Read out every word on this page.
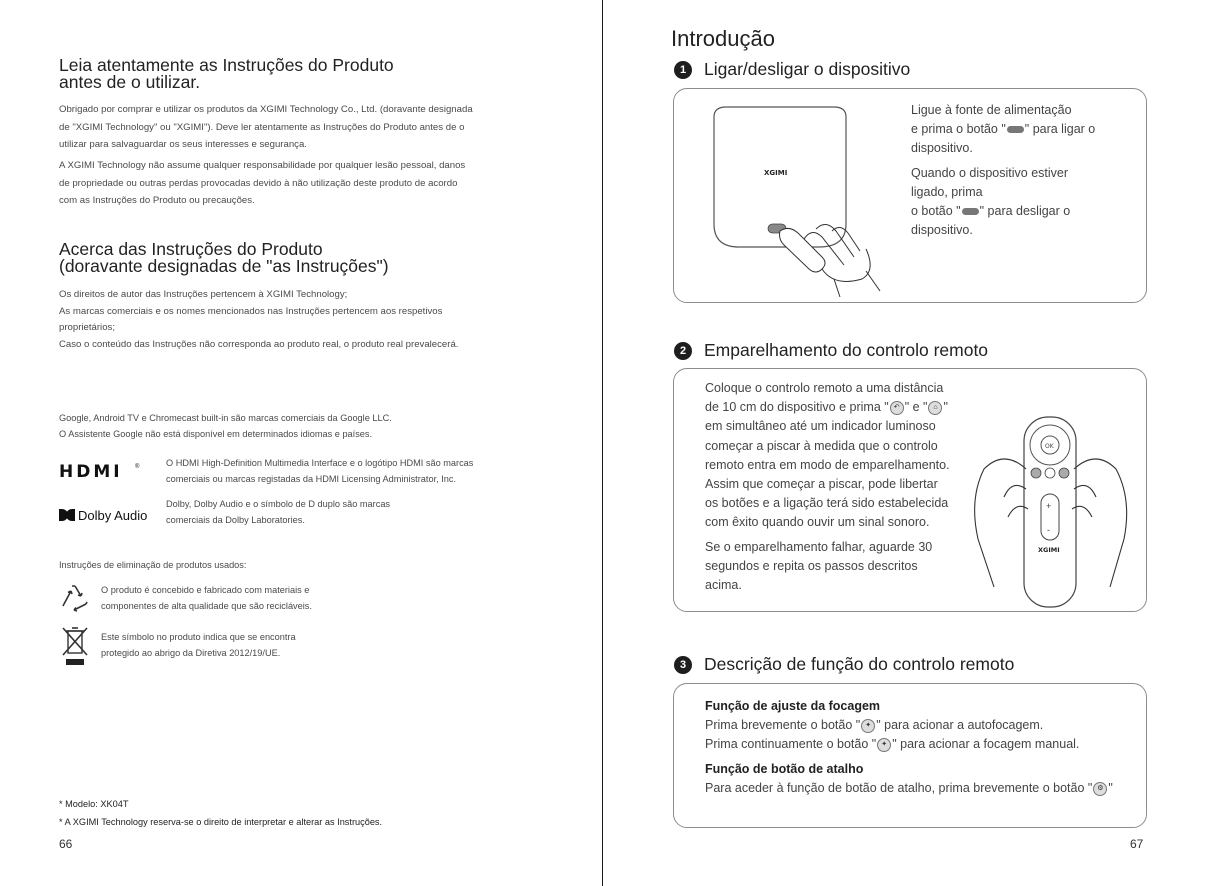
Leia atentamente as Instruções do Produto
antes de o utilizar.
Obrigado por comprar e utilizar os produtos da XGIMI Technology Co., Ltd. (doravante designada
de "XGIMI Technology" ou "XGIMI"). Deve ler atentamente as Instruções do Produto antes de o
utilizar para salvaguardar os seus interesses e segurança.
A XGIMI Technology não assume qualquer responsabilidade por qualquer lesão pessoal, danos
de propriedade ou outras perdas provocadas devido à não utilização deste produto de acordo
com as Instruções do Produto ou precauções.
Acerca das Instruções do Produto
(doravante designadas de "as Instruções")
Os direitos de autor das Instruções pertencem à XGIMI Technology;
As marcas comerciais e os nomes mencionados nas Instruções pertencem aos respetivos
proprietários;
Caso o conteúdo das Instruções não corresponda ao produto real, o produto real prevalecerá.
Google, Android TV e Chromecast built-in são marcas comerciais da Google LLC.
O Assistente Google não está disponível em determinados idiomas e países.
HDMI ®	O HDMI High-Definition Multimedia Interface e o logótipo HDMI são marcas
comerciais ou marcas registadas da HDMI Licensing Administrator, Inc.
Dolby Audio
Dolby, Dolby Audio e o símbolo de D duplo são marcas
comerciais da Dolby Laboratories.
Instruções de eliminação de produtos usados:
O produto é concebido e fabricado com materiais e
componentes de alta qualidade que são recicláveis.
Este símbolo no produto indica que se encontra
protegido ao abrigo da Diretiva 2012/19/UE.
* Modelo: XK04T
* A XGIMI Technology reserva-se o direito de interpretar e alterar as Instruções.
66
Introdução
1	Ligar/desligar o dispositivo
XGIMI
Ligue à fonte de alimentação
e prima o botão " " para ligar o
dispositivo.
Quando o dispositivo estiver
ligado, prima
o botão " " para desligar o
dispositivo.
2	Emparelhamento do controlo remoto
Coloque o controlo remoto a uma distância
de 10 cm do dispositivo e prima " ↶ " e " ⌂ "
em simultâneo até um indicador luminoso
começar a piscar à medida que o controlo
remoto entra em modo de emparelhamento.
Assim que começar a piscar, pode libertar
os botões e a ligação terá sido estabelecida
com êxito quando ouvir um sinal sonoro.
Se o emparelhamento falhar, aguarde 30
segundos e repita os passos descritos
acima.
OK
+
-
XGIMI
3	Descrição de função do controlo remoto
Função de ajuste da focagem
Prima brevemente o botão " ✦ " para acionar a autofocagem.
Prima continuamente o botão " ✦ " para acionar a focagem manual.
Função de botão de atalho
Para aceder à função de botão de atalho, prima brevemente o botão " ⚙ "
67
